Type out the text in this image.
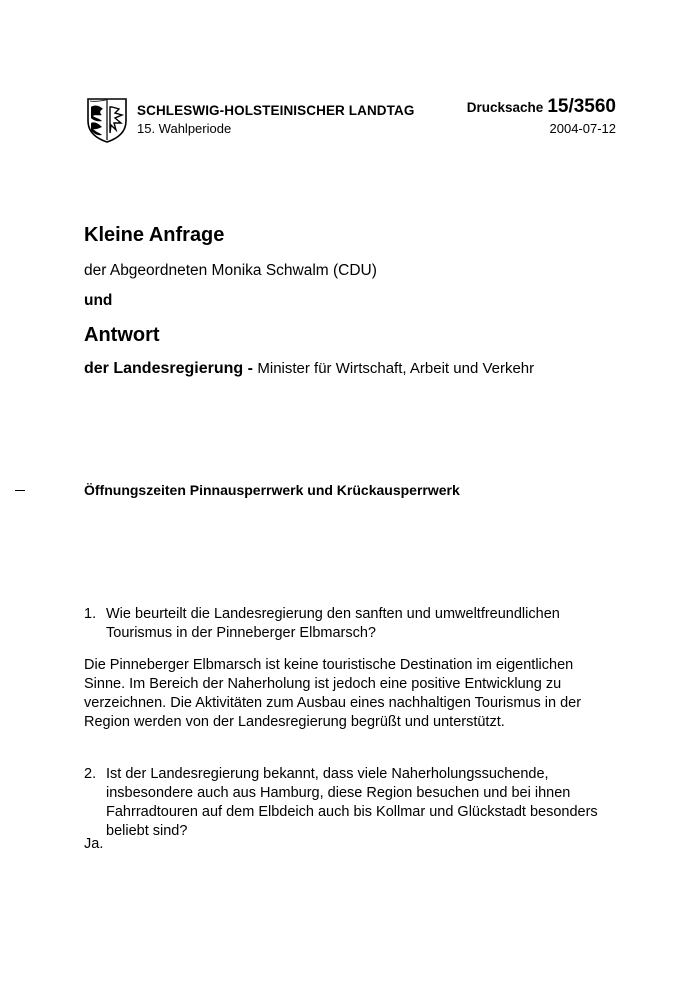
SCHLESWIG-HOLSTEINISCHER LANDTAG
15. Wahlperiode
Drucksache 15/3560
2004-07-12
Kleine Anfrage
der Abgeordneten Monika Schwalm (CDU)
und
Antwort
der Landesregierung - Minister für Wirtschaft, Arbeit und Verkehr
Öffnungszeiten Pinnausperrwerk und Krückausperrwerk
1. Wie beurteilt die Landesregierung den sanften und umweltfreundlichen Tourismus in der Pinneberger Elbmarsch?
Die Pinneberger Elbmarsch ist keine touristische Destination im eigentlichen Sinne. Im Bereich der Naherholung ist jedoch eine positive Entwicklung zu verzeichnen. Die Aktivitäten zum Ausbau eines nachhaltigen Tourismus in der Region werden von der Landesregierung begrüßt und unterstützt.
2. Ist der Landesregierung bekannt, dass viele Naherholungssuchende, insbesondere auch aus Hamburg, diese Region besuchen und bei ihnen Fahrradtouren auf dem Elbdeich auch bis Kollmar und Glückstadt besonders beliebt sind?
Ja.
